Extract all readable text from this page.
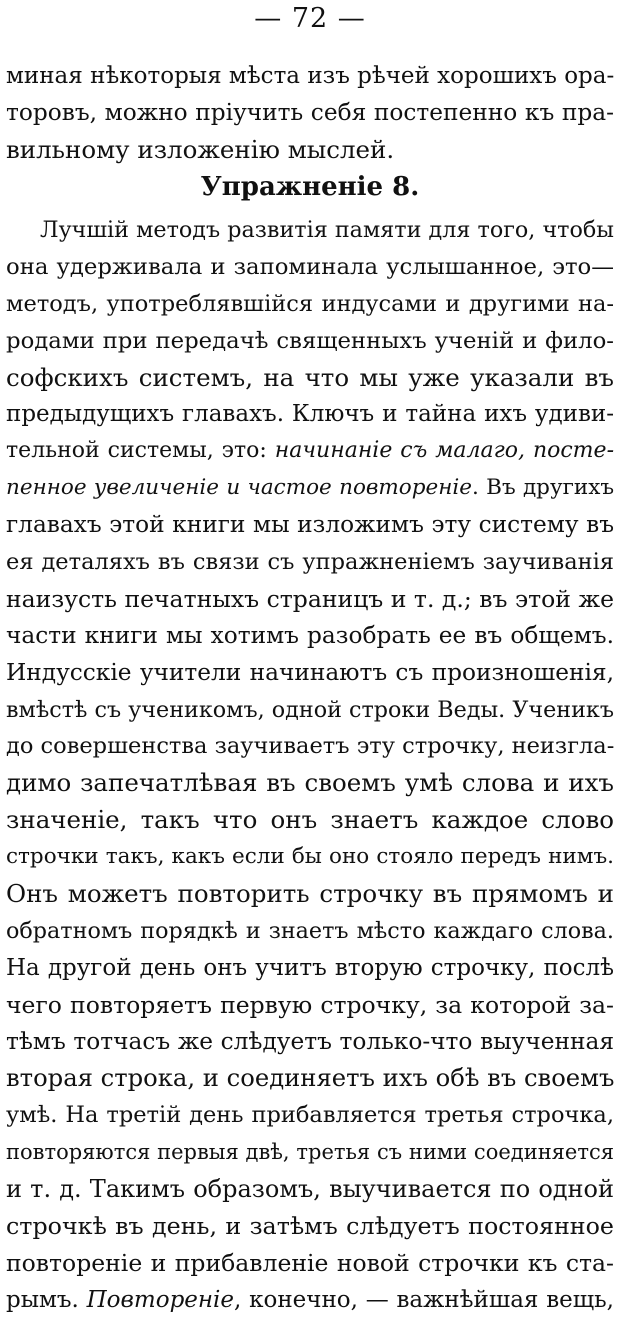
— 72 —
миная нѣкоторыя мѣста изъ рѣчей хорошихъ ора-
торовъ, можно пріучить себя постепенно къ пра-
вильному изложенію мыслей.
Упражненіе 8.
Лучшій методъ развитія памяти для того, чтобы
она удерживала и запоминала услышанное, это—
методъ, употреблявшійся индусами и другими на-
родами при передачѣ священныхъ ученій и фило-
софскихъ системъ, на что мы уже указали въ
предыдущихъ главахъ. Ключъ и тайна ихъ удиви-
тельной системы, это: начинаніе съ малаго, посте-
пенное увеличеніе и частое повтореніе. Въ другихъ
главахъ этой книги мы изложимъ эту систему въ
ея деталяхъ въ связи съ упражненіемъ заучиванія
наизусть печатныхъ страницъ и т. д.; въ этой же
части книги мы хотимъ разобрать ее въ общемъ.
Индусскіе учители начинаютъ съ произношенія,
вмѣстѣ съ ученикомъ, одной строки Веды. Ученикъ
до совершенства заучиваетъ эту строчку, неизгла-
димо запечатлѣвая въ своемъ умѣ слова и ихъ
значеніе, такъ что онъ знаетъ каждое слово
строчки такъ, какъ если бы оно стояло передъ нимъ.
Онъ можетъ повторить строчку въ прямомъ и
обратномъ порядкѣ и знаетъ мѣсто каждаго слова.
На другой день онъ учитъ вторую строчку, послѣ
чего повторяетъ первую строчку, за которой за-
тѣмъ тотчасъ же слѣдуетъ только-что выученная
вторая строка, и соединяетъ ихъ обѣ въ своемъ
умѣ. На третій день прибавляется третья строчка,
повторяются первыя двѣ, третья съ ними соединяется
и т. д. Такимъ образомъ, выучивается по одной
строчкѣ въ день, и затѣмъ слѣдуетъ постоянное
повтореніе и прибавленіе новой строчки къ ста-
рымъ. Повтореніе, конечно, — важнѣйшая вещь,
